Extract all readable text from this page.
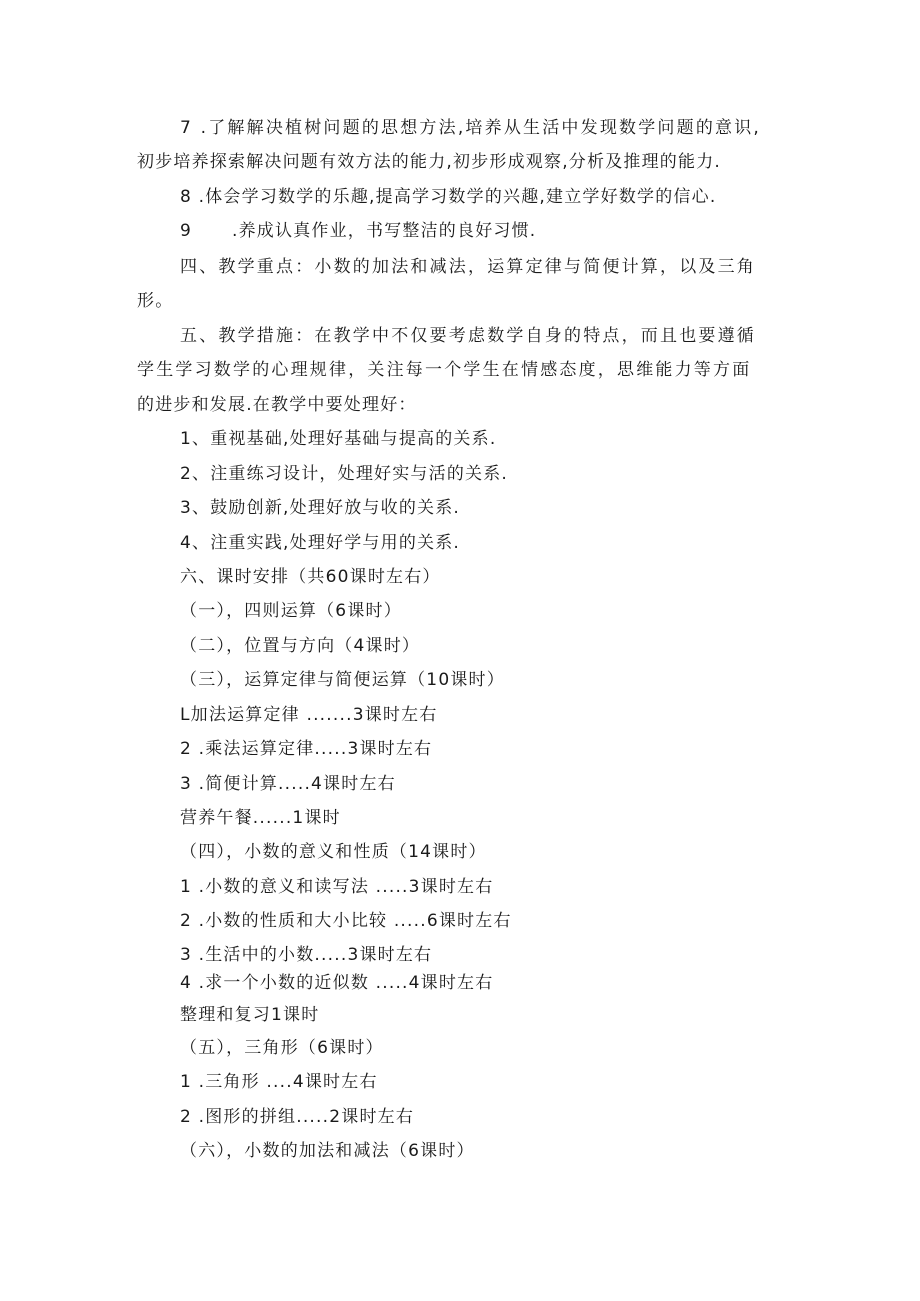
7 .了解解决植树问题的思想方法,培养从生活中发现数学问题的意识,
初步培养探索解决问题有效方法的能力,初步形成观察,分析及推理的能力.
8 .体会学习数学的乐趣,提高学习数学的兴趣,建立学好数学的信心.
9 .养成认真作业，书写整洁的良好习惯.
四、教学重点：小数的加法和减法，运算定律与简便计算，以及三角
形。
五、教学措施：在教学中不仅要考虑数学自身的特点，而且也要遵循
学生学习数学的心理规律，关注每一个学生在情感态度，思维能力等方面
的进步和发展.在教学中要处理好：
1、重视基础,处理好基础与提高的关系.
2、注重练习设计，处理好实与活的关系.
3、鼓励创新,处理好放与收的关系.
4、注重实践,处理好学与用的关系.
六、课时安排（共60课时左右）
（一），四则运算（6课时）
（二），位置与方向（4课时）
（三），运算定律与简便运算（10课时）
L加法运算定律 .......3课时左右
2 .乘法运算定律.....3课时左右
3 .简便计算.....4课时左右
营养午餐......1课时
（四），小数的意义和性质（14课时）
1 .小数的意义和读写法 .....3课时左右
2 .小数的性质和大小比较 .....6课时左右
3 .生活中的小数.....3课时左右
4 .求一个小数的近似数 .....4课时左右
整理和复习1课时
（五），三角形（6课时）
1 .三角形 ....4课时左右
2 .图形的拼组.....2课时左右
（六），小数的加法和减法（6课时）
